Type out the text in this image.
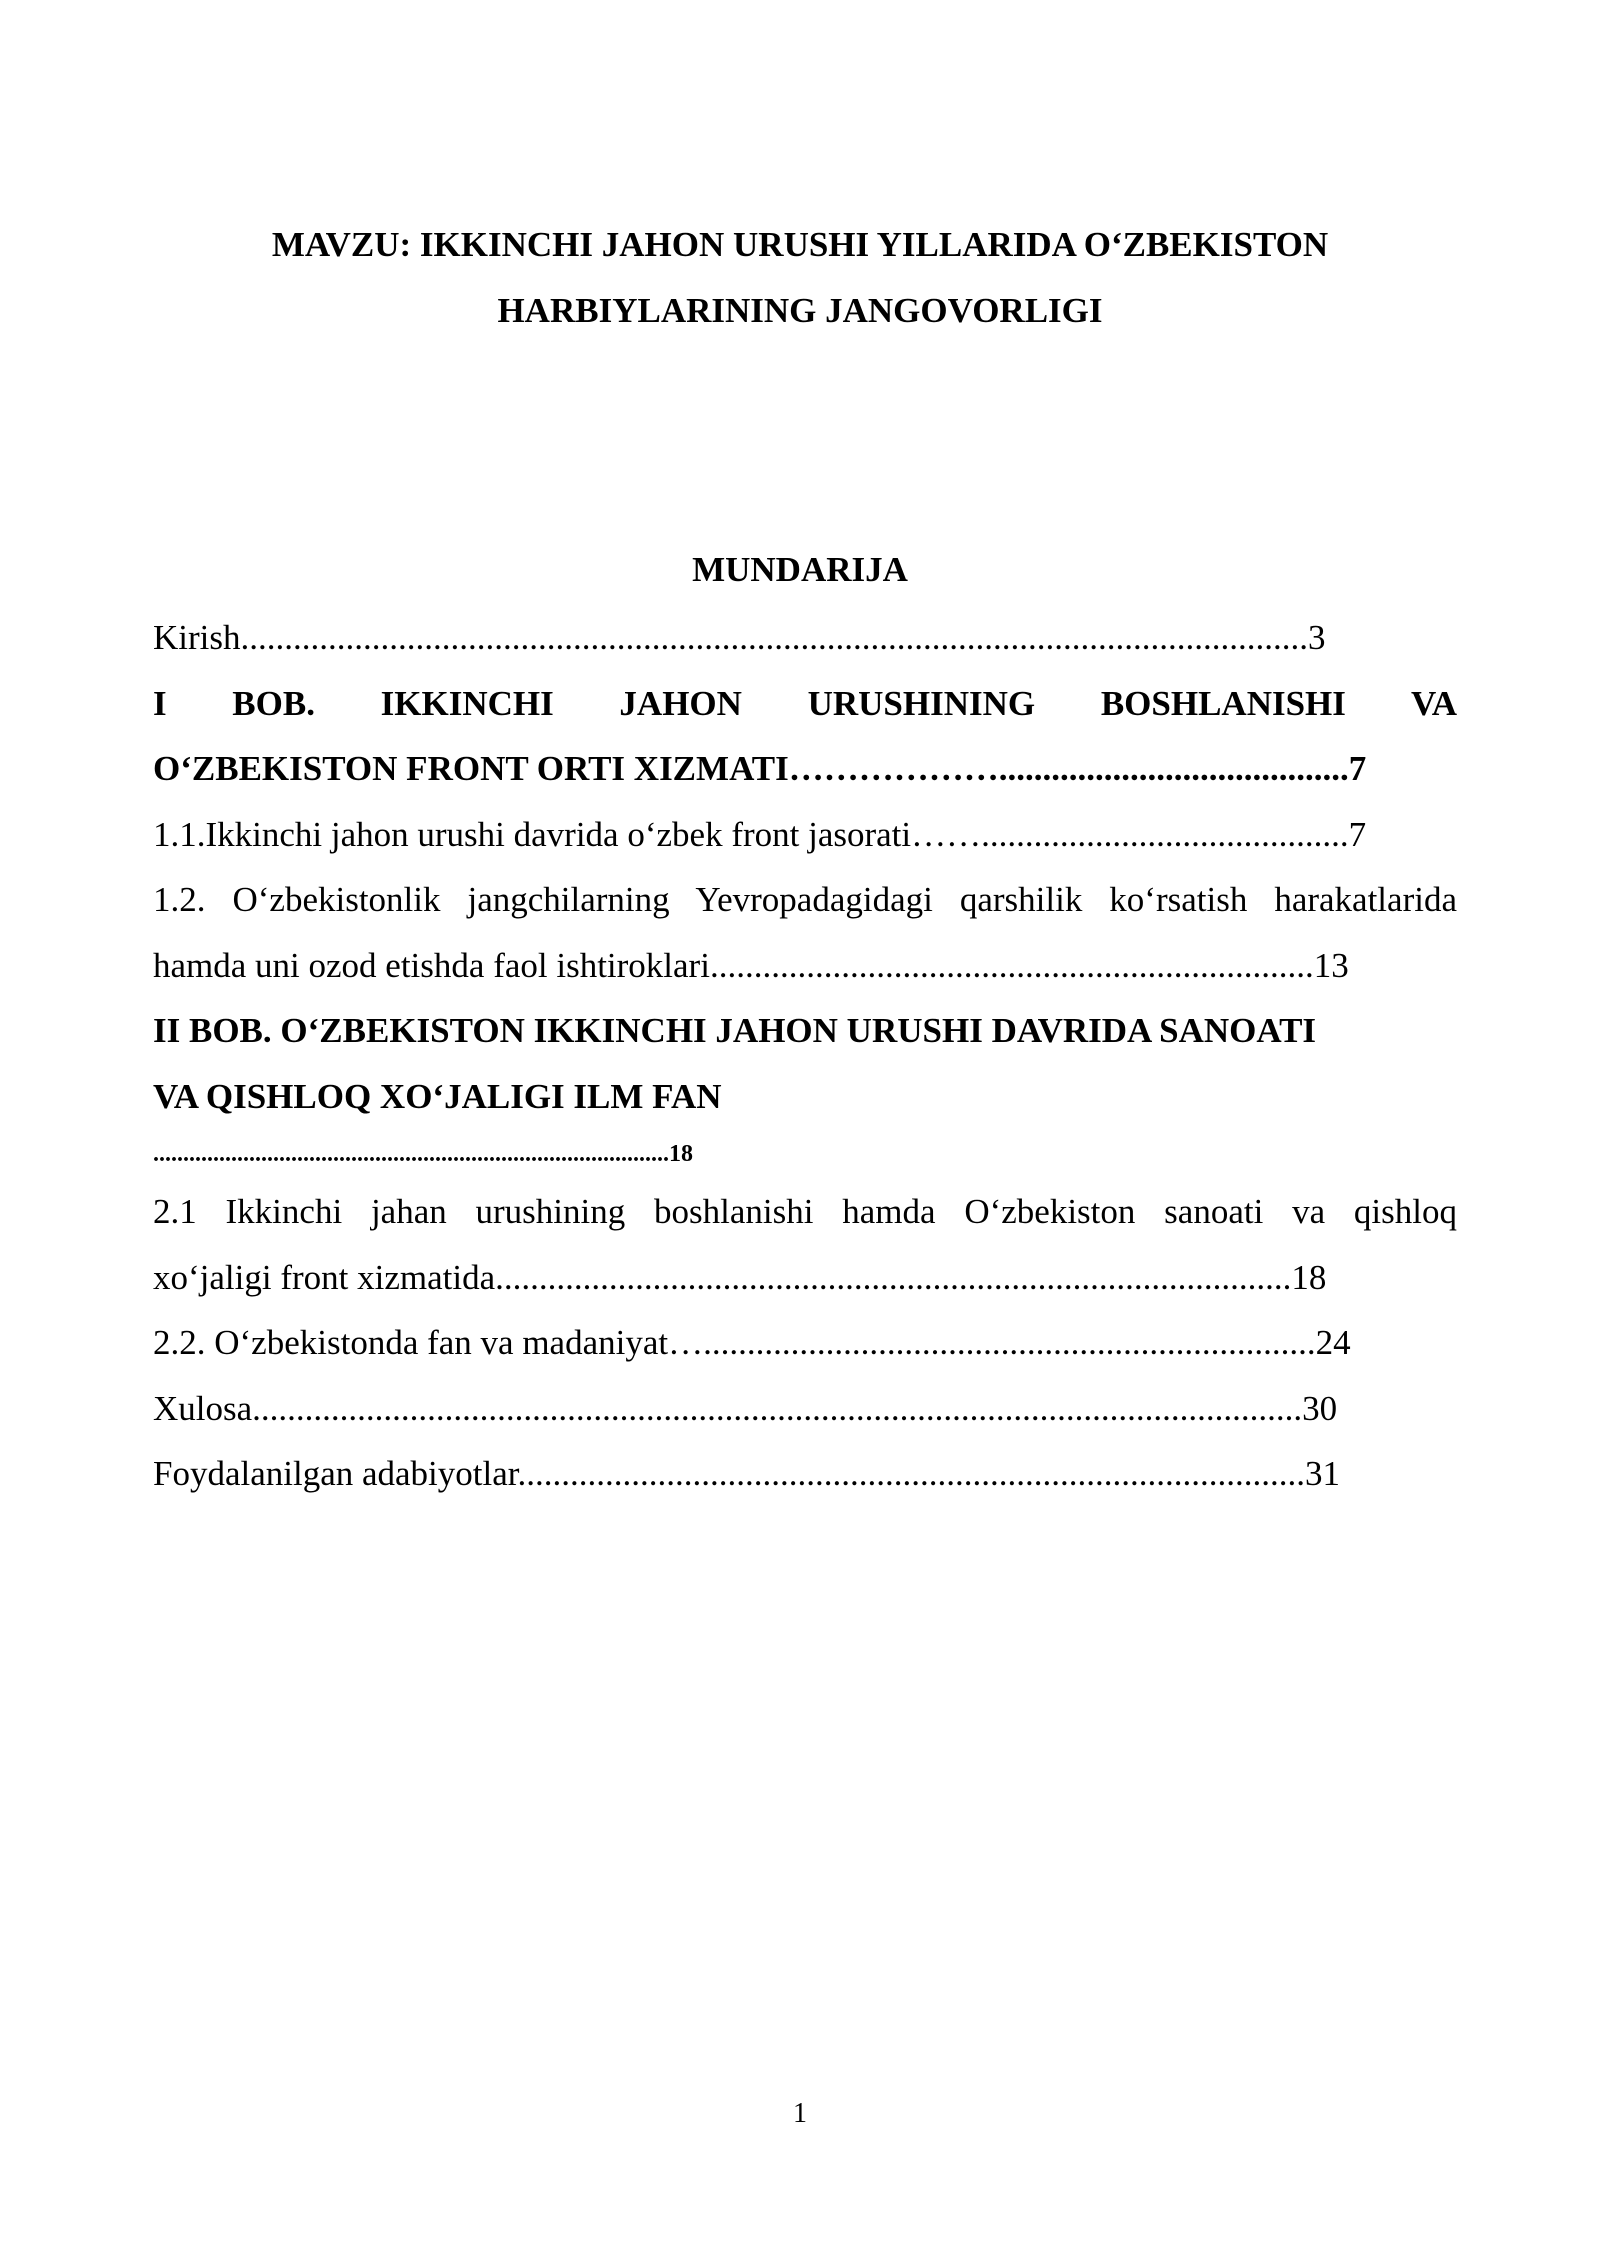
MAVZU: IKKINCHI JAHON URUSHI YILLARIDA O‘ZBEKISTON
HARBIYLARINING JANGOVORLIGI
MUNDARIJA
Kirish..........................................................................................................................3
I BOB. IKKINCHI JAHON URUSHINING BOSHLANISHI VA
O‘ZBEKISTON FRONT ORTI XIZMATI………………........................................7
1.1.Ikkinchi jahon urushi davrida o‘zbek front jasorati……..........................................7
1.2. O‘zbekistonlik jangchilarning Yevropadagidagi qarshilik ko‘rsatish harakatlarida
hamda uni ozod etishda faol ishtiroklari.....................................................................13
II BOB. O‘ZBEKISTON IKKINCHI JAHON URUSHI DAVRIDA SANOATI
VA QISHLOQ XO‘JALIGI ILM FAN
......................................................................................18
2.1 Ikkinchi jahan urushining boshlanishi hamda O‘zbekiston sanoati va qishloq
xo‘jaligi front xizmatida...........................................................................................18
2.2. O‘zbekistonda fan va madaniyat…......................................................................24
Xulosa........................................................................................................................30
Foydalanilgan adabiyotlar..........................................................................................31
1
